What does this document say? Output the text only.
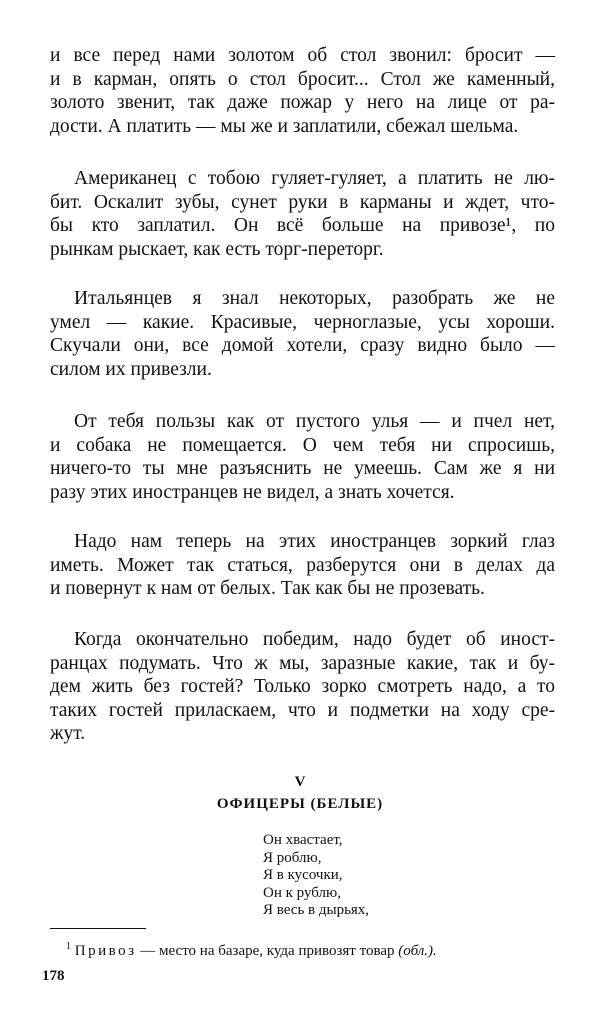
и все перед нами золотом об стол звонил: бросит —
и в карман, опять о стол бросит... Стол же каменный,
золото звенит, так даже пожар у него на лице от ра-
дости. А платить — мы же и заплатили, сбежал шельма.
Американец с тобою гуляет-гуляет, а платить не лю-
бит. Оскалит зубы, сунет руки в карманы и ждет, что-
бы кто заплатил. Он всё больше на привозе¹, по
рынкам рыскает, как есть торг-переторг.
Итальянцев я знал некоторых, разобрать же не
умел — какие. Красивые, черноглазые, усы хороши.
Скучали они, все домой хотели, сразу видно было —
силом их привезли.
От тебя пользы как от пустого улья — и пчел нет,
и собака не помещается. О чем тебя ни спросишь,
ничего-то ты мне разъяснить не умеешь. Сам же я ни
разу этих иностранцев не видел, а знать хочется.
Надо нам теперь на этих иностранцев зоркий глаз
иметь. Может так статься, разберутся они в делах да
и повернут к нам от белых. Так как бы не прозевать.
Когда окончательно победим, надо будет об иност-
ранцах подумать. Что ж мы, заразные какие, так и бу-
дем жить без гостей? Только зорко смотреть надо, а то
таких гостей приласкаем, что и подметки на ходу сре-
жут.
V
ОФИЦЕРЫ (БЕЛЫЕ)
Он хвастает,
Я роблю,
Я в кусочки,
Он к рублю,
Я весь в дырьях,
$^1$ Привоз — место на базаре, куда привозят товар (обл.).
178
